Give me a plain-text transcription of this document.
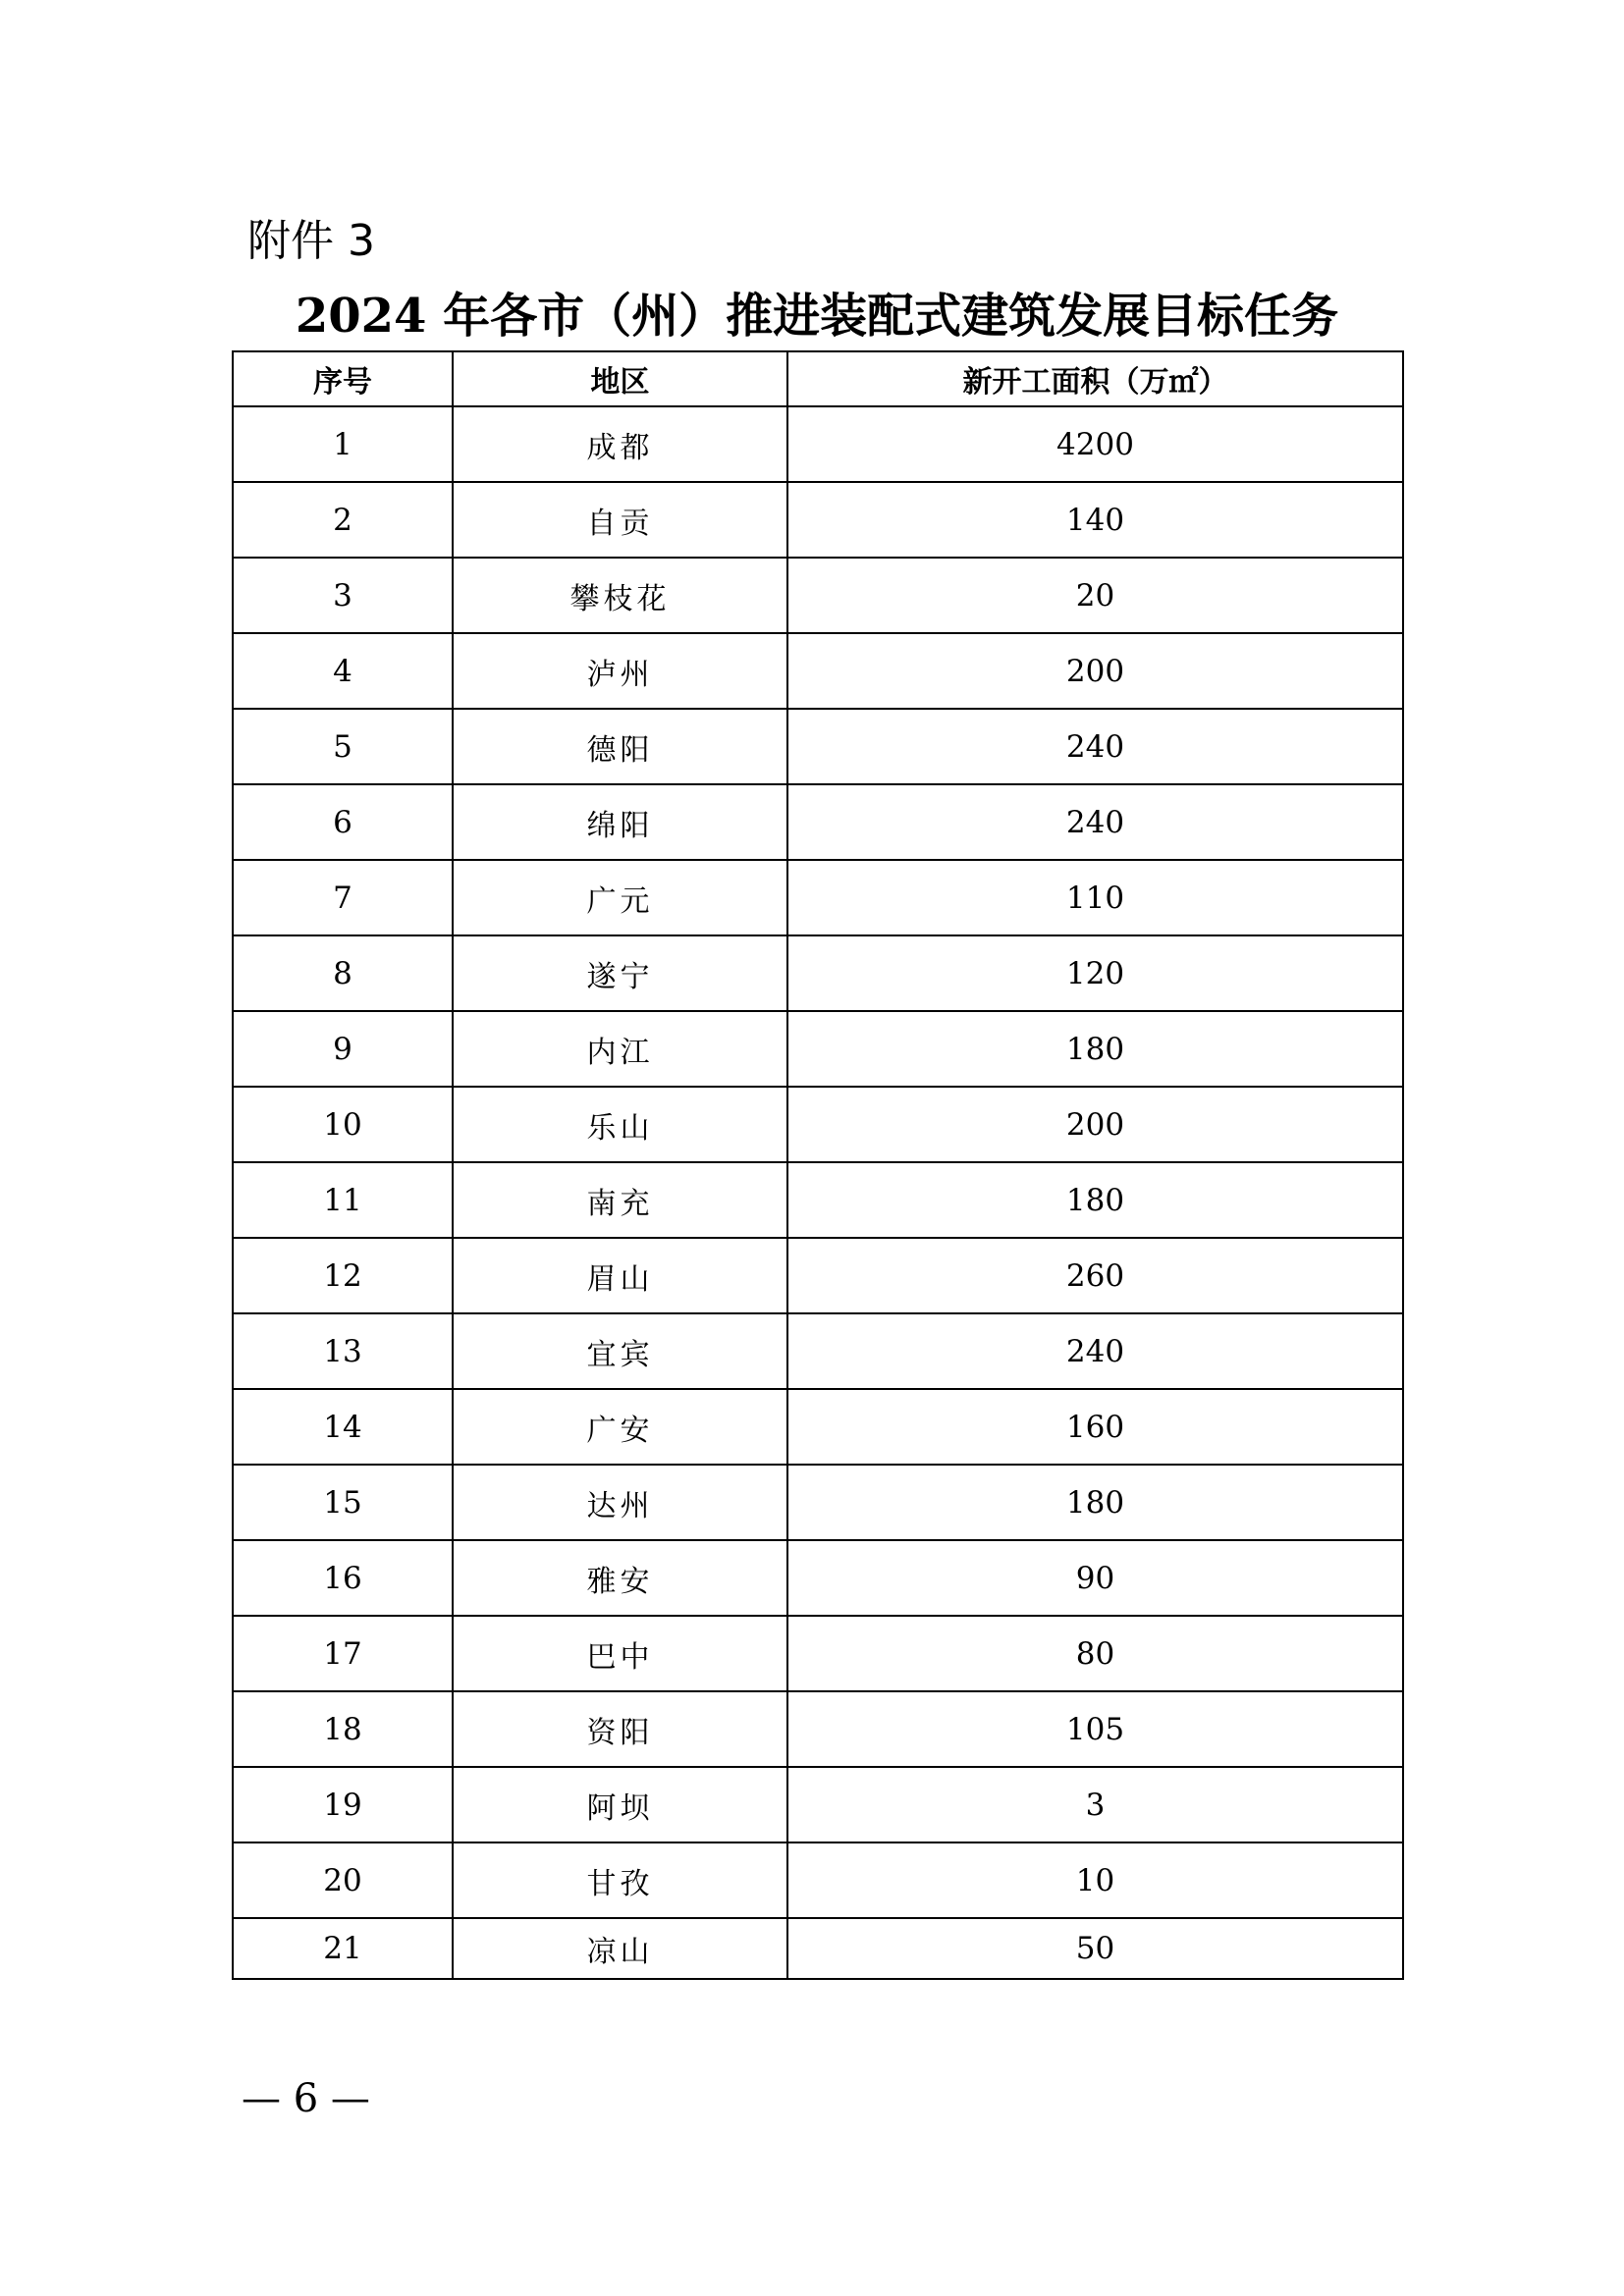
附件 3
2024 年各市（州）推进装配式建筑发展目标任务
序号	地区	新开工面积（万㎡）
1	成都	4200
2	自贡	140
3	攀枝花	20
4	泸州	200
5	德阳	240
6	绵阳	240
7	广元	110
8	遂宁	120
9	内江	180
10	乐山	200
11	南充	180
12	眉山	260
13	宜宾	240
14	广安	160
15	达州	180
16	雅安	90
17	巴中	80
18	资阳	105
19	阿坝	3
20	甘孜	10
21	凉山	50
— 6 —
